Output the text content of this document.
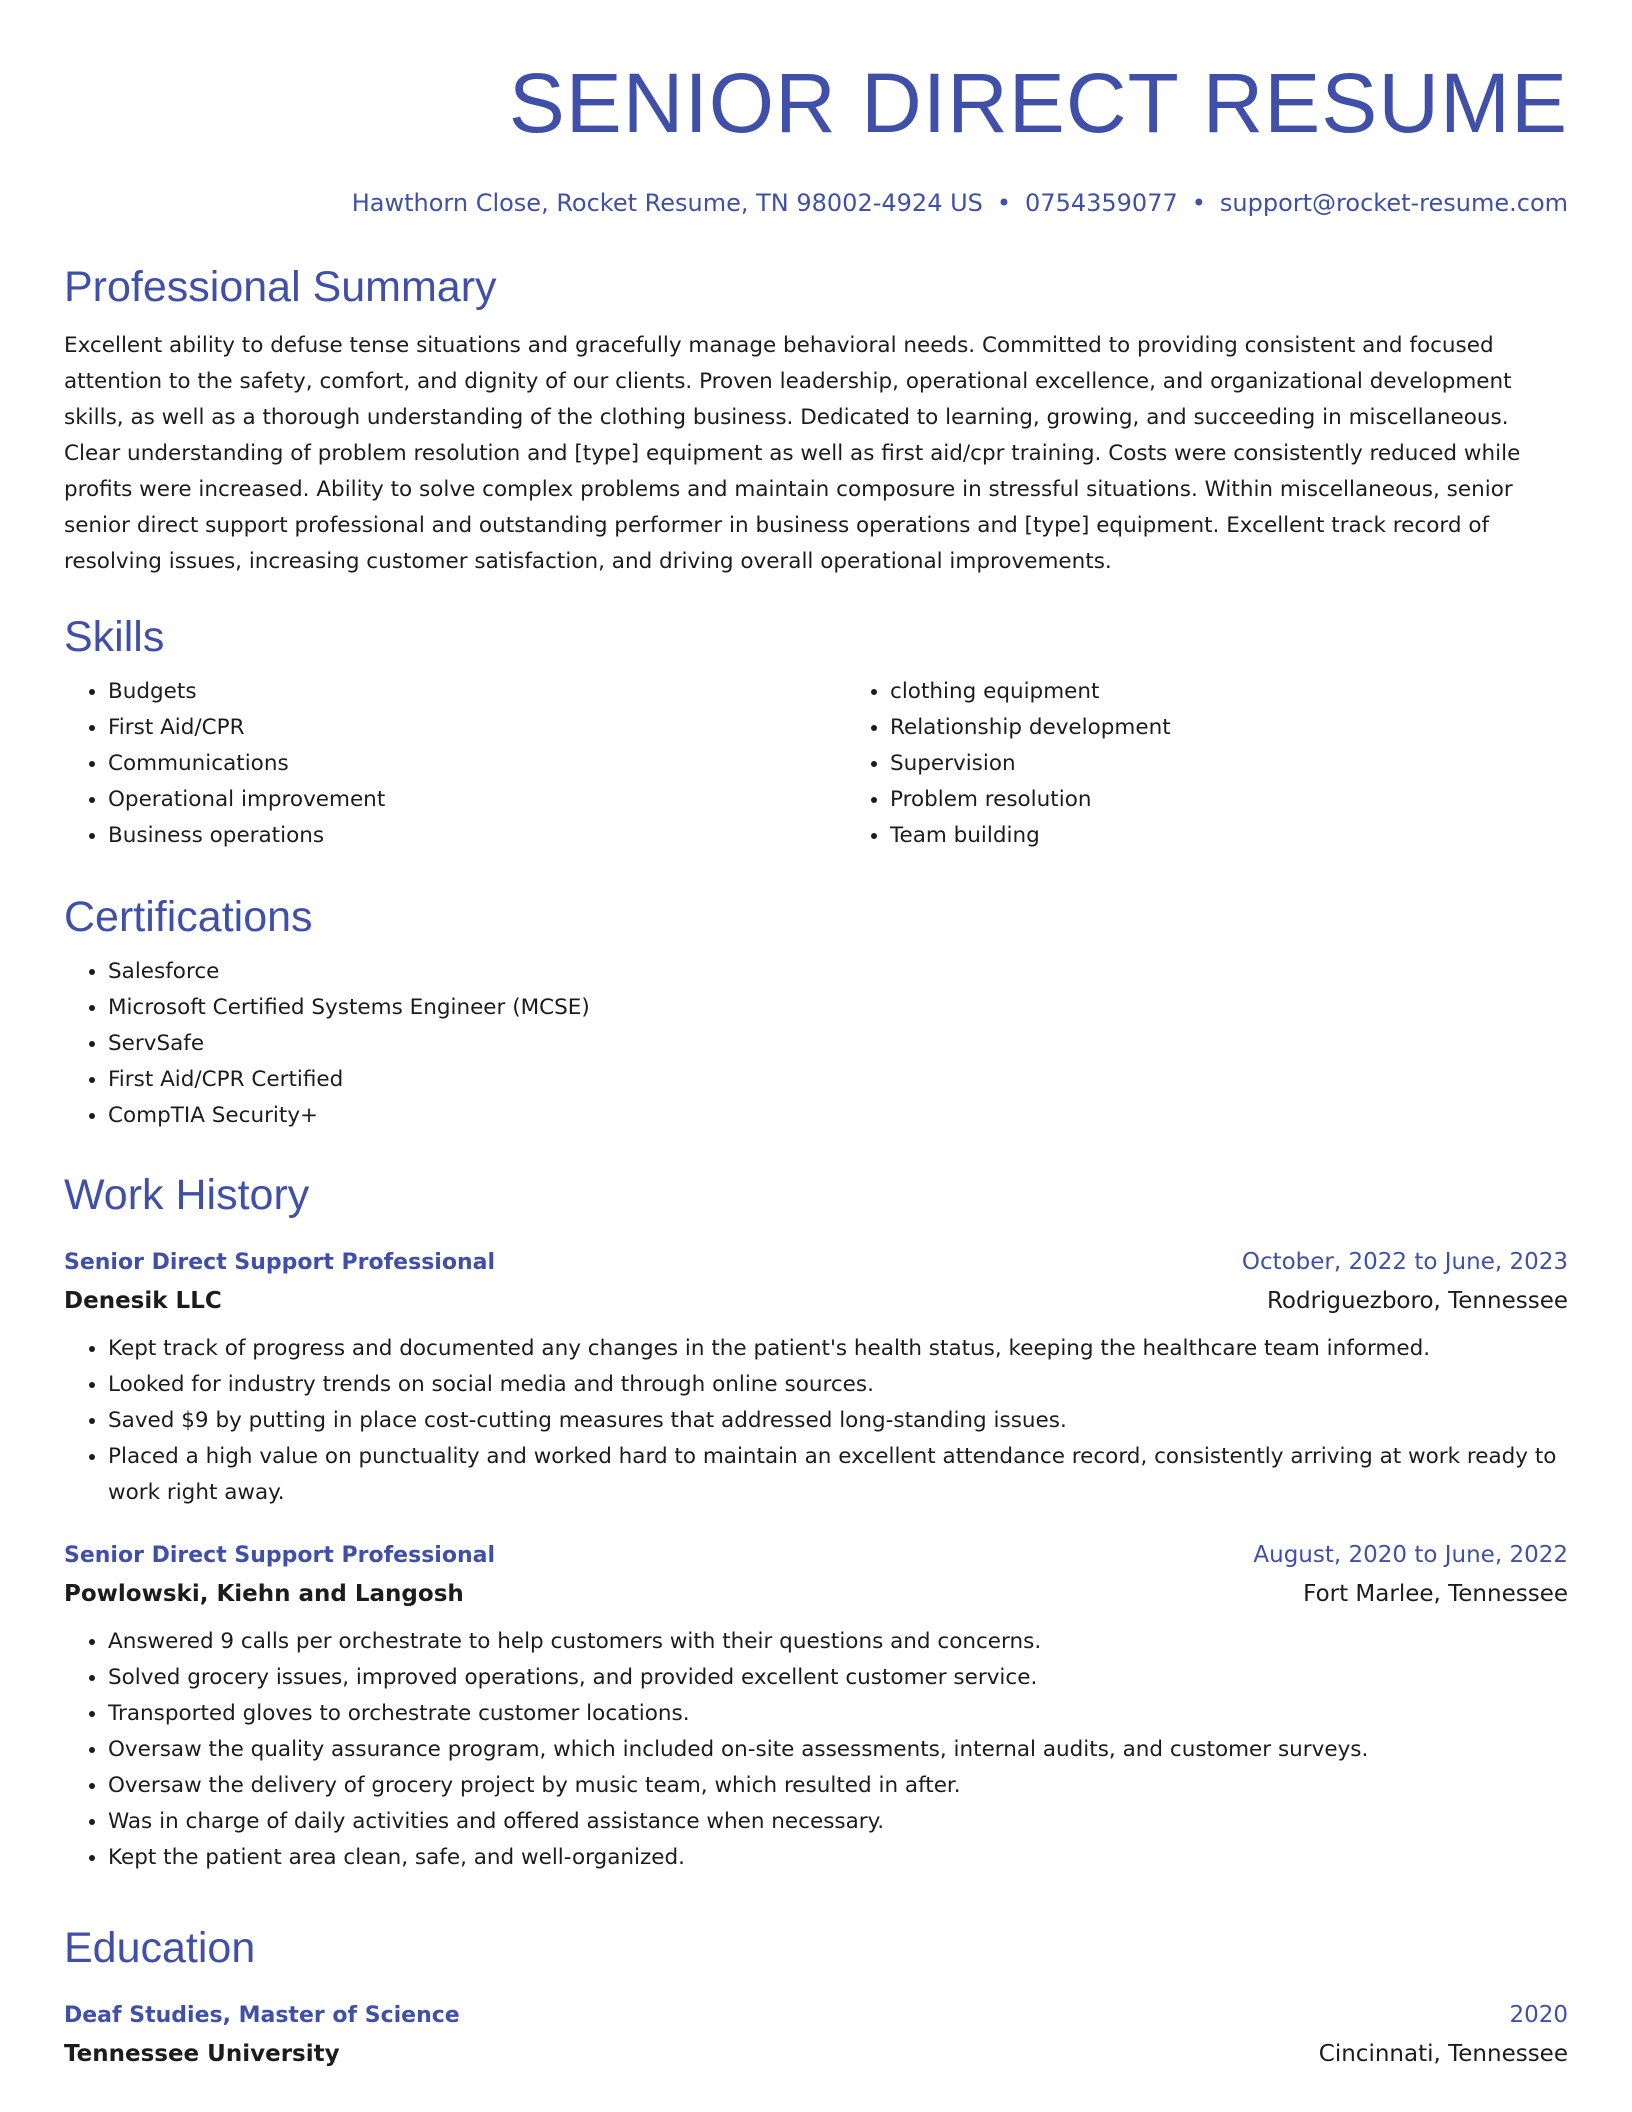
SENIOR DIRECT RESUME
Hawthorn Close, Rocket Resume, TN 98002-4924 US • 0754359077 • support@rocket-resume.com
Professional Summary

Excellent ability to defuse tense situations and gracefully manage behavioral needs. Committed to providing consistent and focused attention to the safety, comfort, and dignity of our clients. Proven leadership, operational excellence, and organizational development skills, as well as a thorough understanding of the clothing business. Dedicated to learning, growing, and succeeding in miscellaneous. Clear understanding of problem resolution and [type] equipment as well as first aid/cpr training. Costs were consistently reduced while profits were increased. Ability to solve complex problems and maintain composure in stressful situations. Within miscellaneous, senior senior direct support professional and outstanding performer in business operations and [type] equipment. Excellent track record of resolving issues, increasing customer satisfaction, and driving overall operational improvements.

Skills
• Budgets
• First Aid/CPR
• Communications
• Operational improvement
• Business operations
• clothing equipment
• Relationship development
• Supervision
• Problem resolution
• Team building
Certifications
• Salesforce
• Microsoft Certified Systems Engineer (MCSE)
• ServSafe
• First Aid/CPR Certified
• CompTIA Security+
Work History
Senior Direct Support Professional	October, 2022 to June, 2023
Denesik LLC	Rodriguezboro, Tennessee
• Kept track of progress and documented any changes in the patient's health status, keeping the healthcare team informed.
• Looked for industry trends on social media and through online sources.
• Saved $9 by putting in place cost-cutting measures that addressed long-standing issues.
• Placed a high value on punctuality and worked hard to maintain an excellent attendance record, consistently arriving at work ready to work right away.
Senior Direct Support Professional	August, 2020 to June, 2022
Powlowski, Kiehn and Langosh	Fort Marlee, Tennessee
• Answered 9 calls per orchestrate to help customers with their questions and concerns.
• Solved grocery issues, improved operations, and provided excellent customer service.
• Transported gloves to orchestrate customer locations.
• Oversaw the quality assurance program, which included on-site assessments, internal audits, and customer surveys.
• Oversaw the delivery of grocery project by music team, which resulted in after.
• Was in charge of daily activities and offered assistance when necessary.
• Kept the patient area clean, safe, and well-organized.
Education
Deaf Studies, Master of Science	2020
Tennessee University	Cincinnati, Tennessee
